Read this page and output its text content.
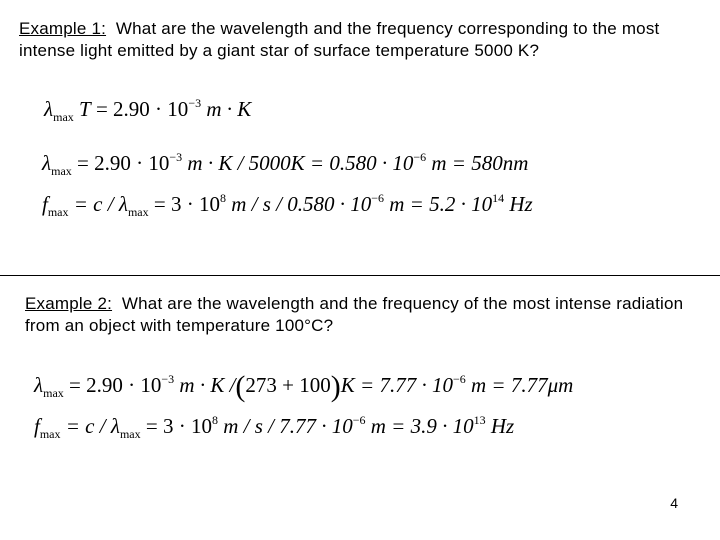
Example 1: What are the wavelength and the frequency corresponding to the most intense light emitted by a giant star of surface temperature 5000 K?

$\lambda_{max}$ $T = 2.90 \cdot 10^{-3}$ m · K
$\lambda_{max} = 2.90 \cdot 10^{-3}$ $m \cdot K / 5000K = 0.580 \cdot 10^{-6}$ m = 580nm
$f_{max} = c / \lambda_{max} = 3 \cdot 10^8$ $m / s / 0.580 \cdot 10^{-6}$ $m = 5.2 \cdot 10^{14}$ Hz

Example 2: What are the wavelength and the frequency of the most intense radiation from an object with temperature 100°C?

$\lambda_{max} = 2.90 \cdot 10^{-3}$ m · K $/(273 + 100)K = 7.77 \cdot 10^{-6}$ m = 7.77μm
$f_{max} = c / \lambda_{max} = 3 \cdot 10^8$ $m / s / 7.77 \cdot 10^{-6}$ $m = 3.9 \cdot 10^{13}$ Hz
4
